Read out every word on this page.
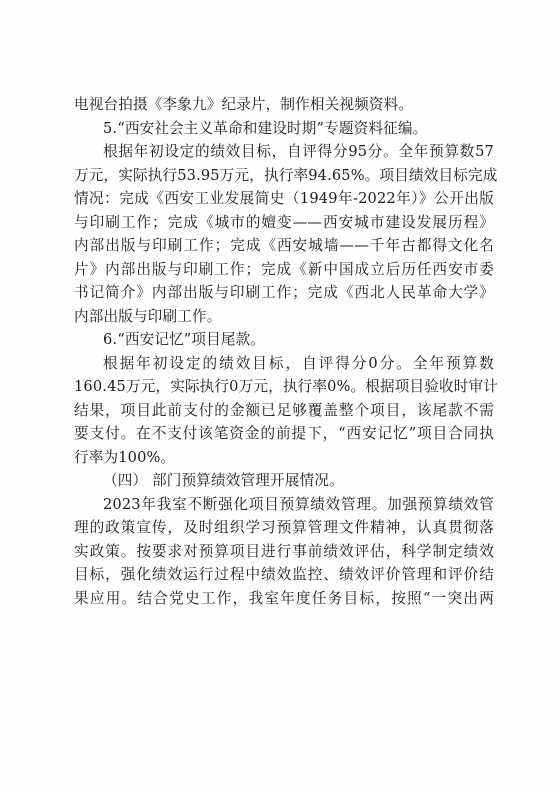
电视台拍摄《李象九》纪录片，制作相关视频资料。
5.“西安社会主义革命和建设时期”专题资料征编。
根据年初设定的绩效目标，自评得分95分。全年预算数57
万元，实际执行53.95万元，执行率94.65%。项目绩效目标完成
情况：完成《西安工业发展简史（1949年-2022年）》公开出版
与印刷工作；完成《城市的嬗变——西安城市建设发展历程》
内部出版与印刷工作；完成《西安城墙——千年古都得文化名
片》内部出版与印刷工作；完成《新中国成立后历任西安市委
书记简介》内部出版与印刷工作；完成《西北人民革命大学》
内部出版与印刷工作。
6.“西安记忆”项目尾款。
根据年初设定的绩效目标，自评得分0分。全年预算数
160.45万元，实际执行0万元，执行率0%。根据项目验收时审计
结果，项目此前支付的金额已足够覆盖整个项目，该尾款不需
要支付。在不支付该笔资金的前提下，“西安记忆”项目合同执
行率为100%。
（四） 部门预算绩效管理开展情况。
2023年我室不断强化项目预算绩效管理。加强预算绩效管
理的政策宣传，及时组织学习预算管理文件精神，认真贯彻落
实政策。按要求对预算项目进行事前绩效评估，科学制定绩效
目标，强化绩效运行过程中绩效监控、绩效评价管理和评价结
果应用。结合党史工作，我室年度任务目标，按照“一突出两
